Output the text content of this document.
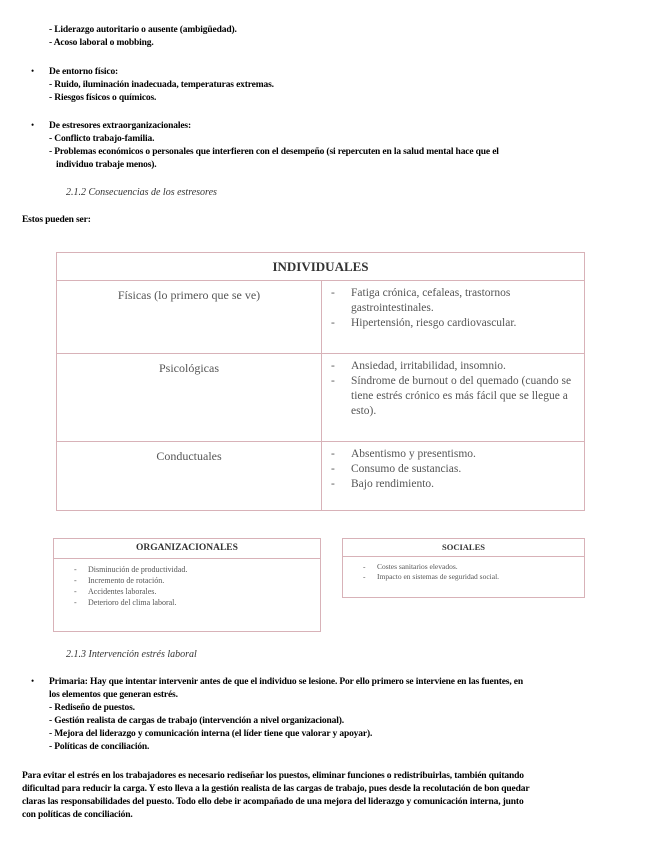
- Liderazgo autoritario o ausente (ambigüedad).
- Acoso laboral o mobbing.
• De entorno físico:
- Ruido, iluminación inadecuada, temperaturas extremas.
- Riesgos físicos o químicos.
• De estresores extraorganizacionales:
- Conflicto trabajo-familia.
- Problemas económicos o personales que interfieren con el desempeño (si repercuten en la salud mental hace que el
individuo trabaje menos).
2.1.2 Consecuencias de los estresores
Estos pueden ser:
INDIVIDUALES
Físicas (lo primero que se ve)	- Fatiga crónica, cefaleas, trastornos gastrointestinales.
- Hipertensión, riesgo cardiovascular.
Psicológicas	- Ansiedad, irritabilidad, insomnio.
- Síndrome de burnout o del quemado (cuando se tiene estrés crónico es más fácil que se llegue a esto).
Conductuales	- Absentismo y presentismo.
- Consumo de sustancias.
- Bajo rendimiento.
ORGANIZACIONALES
- Disminución de productividad.
- Incremento de rotación.
- Accidentes laborales.
- Deterioro del clima laboral.
SOCIALES
- Costes sanitarios elevados.
- Impacto en sistemas de seguridad social.
2.1.3 Intervención estrés laboral
• Primaria: Hay que intentar intervenir antes de que el individuo se lesione. Por ello primero se interviene en las fuentes, en
los elementos que generan estrés.
- Rediseño de puestos.
- Gestión realista de cargas de trabajo (intervención a nivel organizacional).
- Mejora del liderazgo y comunicación interna (el líder tiene que valorar y apoyar).
- Políticas de conciliación.
Para evitar el estrés en los trabajadores es necesario rediseñar los puestos, eliminar funciones o redistribuirlas, también quitando
dificultad para reducir la carga. Y esto lleva a la gestión realista de las cargas de trabajo, pues desde la recolutación de bon quedar
claras las responsabilidades del puesto. Todo ello debe ir acompañado de una mejora del liderazgo y comunicación interna, junto
con políticas de conciliación.
